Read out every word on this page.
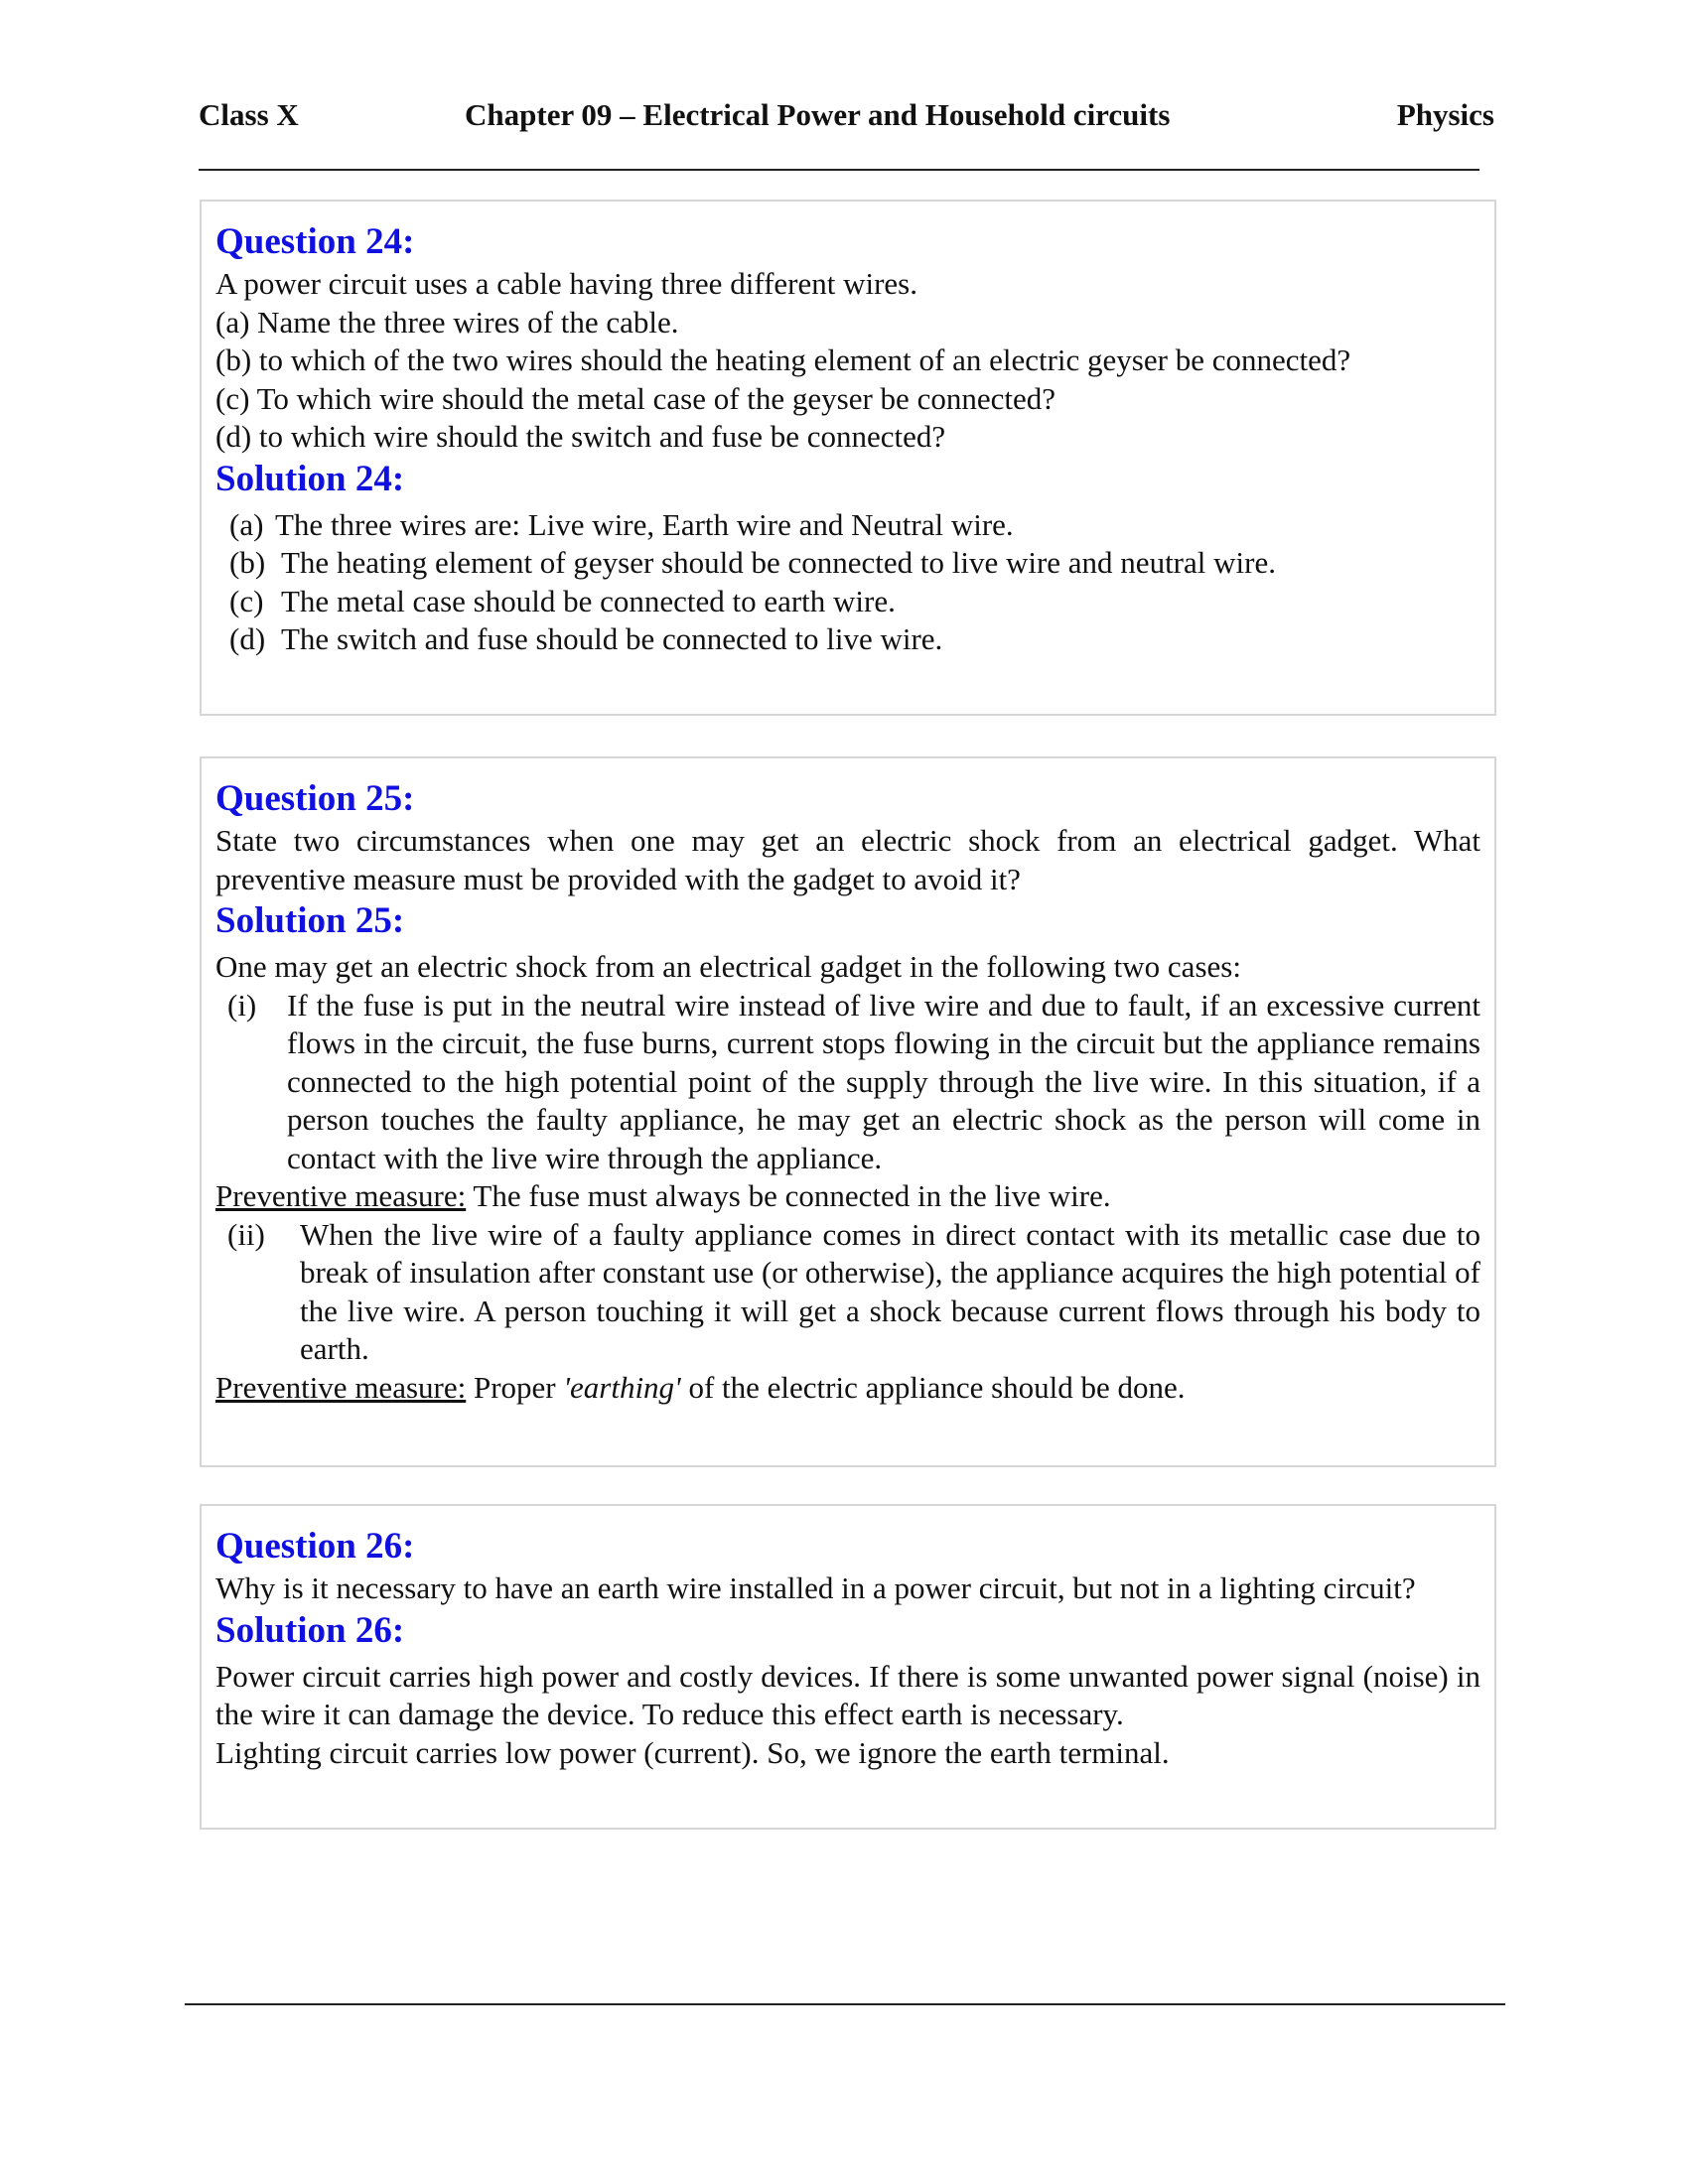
Class X	Chapter 09 – Electrical Power and Household circuits	Physics
Question 24:

A power circuit uses a cable having three different wires.

(a) Name the three wires of the cable.

(b) to which of the two wires should the heating element of an electric geyser be connected?

(c) To which wire should the metal case of the geyser be connected?

(d) to which wire should the switch and fuse be connected?

Solution 24:
(a) The three wires are: Live wire, Earth wire and Neutral wire.
(b) The heating element of geyser should be connected to live wire and neutral wire.
(c) The metal case should be connected to earth wire.
(d) The switch and fuse should be connected to live wire.
Question 25:

State two circumstances when one may get an electric shock from an electrical gadget. What preventive measure must be provided with the gadget to avoid it?

Solution 25:

One may get an electric shock from an electrical gadget in the following two cases:

(i) If the fuse is put in the neutral wire instead of live wire and due to fault, if an excessive current flows in the circuit, the fuse burns, current stops flowing in the circuit but the appliance remains connected to the high potential point of the supply through the live wire. In this situation, if a person touches the faulty appliance, he may get an electric shock as the person will come in contact with the live wire through the appliance.

Preventive measure: The fuse must always be connected in the live wire.

(ii)	When the live wire of a faulty appliance comes in direct contact with its metallic case due to break of insulation after constant use (or otherwise), the appliance acquires the high potential of the live wire. A person touching it will get a shock because current flows through his body to earth.

Preventive measure: Proper 'earthing' of the electric appliance should be done.

Question 26:

Why is it necessary to have an earth wire installed in a power circuit, but not in a lighting circuit?

Solution 26:

Power circuit carries high power and costly devices. If there is some unwanted power signal (noise) in the wire it can damage the device. To reduce this effect earth is necessary.

Lighting circuit carries low power (current). So, we ignore the earth terminal.
